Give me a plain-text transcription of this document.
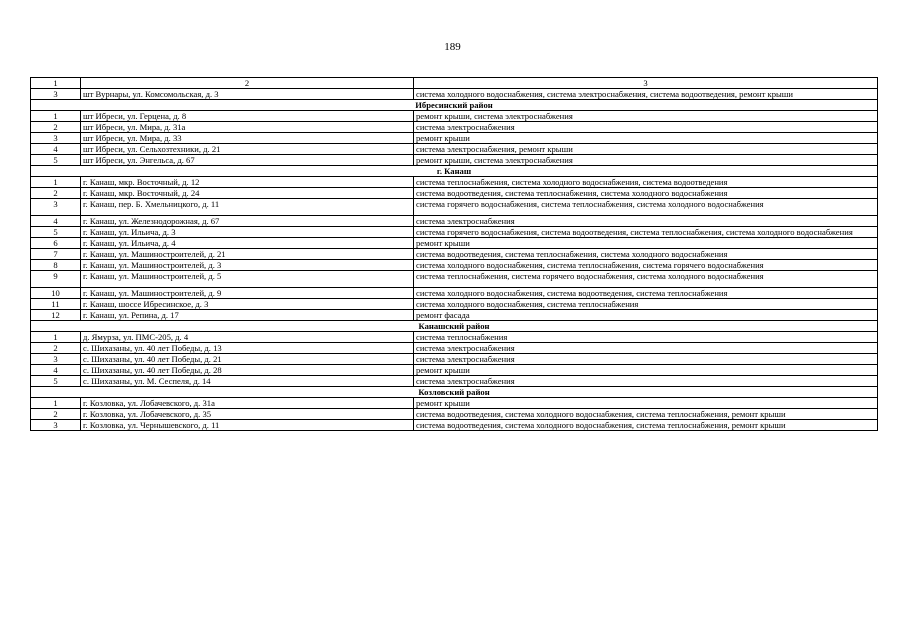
189
1	2	3
3	шт Вурнары, ул. Комсомольская, д. 3	система холодного водоснабжения, система электроснабжения, система водоотведения, ремонт крыши
Ибресинский район		
1	шт Ибреси, ул. Герцена, д. 8	ремонт крыши, система электроснабжения
2	шт Ибреси, ул. Мира, д. 31а	система электроснабжения
3	шт Ибреси, ул. Мира, д. 33	ремонт крыши
4	шт Ибреси, ул. Сельхозтехники, д. 21	система электроснабжения, ремонт крыши
5	шт Ибреси, ул. Энгельса, д. 67	ремонт крыши, система электроснабжения
г. Канаш		
1	г. Канаш, мкр. Восточный, д. 12	система теплоснабжения, система холодного водоснабжения, система водоотведения
2	г. Канаш, мкр. Восточный, д. 24	система водоотведения, система теплоснабжения, система холодного водоснабжения
3	г. Канаш, пер. Б. Хмельницкого, д. 11	система горячего водоснабжения, система теплоснабжения, система холодного водоснабжения
4	г. Канаш, ул. Железнодорожная, д. 67	система электроснабжения
5	г. Канаш, ул. Ильича, д. 3	система горячего водоснабжения, система водоотведения, система теплоснабжения, система холодного водоснабжения
6	г. Канаш, ул. Ильича, д. 4	ремонт крыши
7	г. Канаш, ул. Машиностроителей, д. 21	система водоотведения, система теплоснабжения, система холодного водоснабжения
8	г. Канаш, ул. Машиностроителей, д. 3	система холодного водоснабжения, система теплоснабжения, система горячего водоснабжения
9	г. Канаш, ул. Машиностроителей, д. 5	система теплоснабжения, система горячего водоснабжения, система холодного водоснабжения
10	г. Канаш, ул. Машиностроителей, д. 9	система холодного водоснабжения, система водоотведения, система теплоснабжения
11	г. Канаш, шоссе Ибресинское, д. 3	система холодного водоснабжения, система теплоснабжения
12	г. Канаш, ул. Репина, д. 17	ремонт фасада
Канашский район		
1	д. Ямурза, ул. ПМС-205, д. 4	система теплоснабжения
2	с. Шихазаны, ул. 40 лет Победы, д. 13	система электроснабжения
3	с. Шихазаны, ул. 40 лет Победы, д. 21	система электроснабжения
4	с. Шихазаны, ул. 40 лет Победы, д. 28	ремонт крыши
5	с. Шихазаны, ул. М. Сеспеля, д. 14	система электроснабжения
Козловский район		
1	г. Козловка, ул. Лобачевского, д. 31а	ремонт крыши
2	г. Козловка, ул. Лобачевского, д. 35	система водоотведения, система холодного водоснабжения, система теплоснабжения, ремонт крыши
3	г. Козловка, ул. Чернышевского, д. 11	система водоотведения, система холодного водоснабжения, система теплоснабжения, ремонт крыши
